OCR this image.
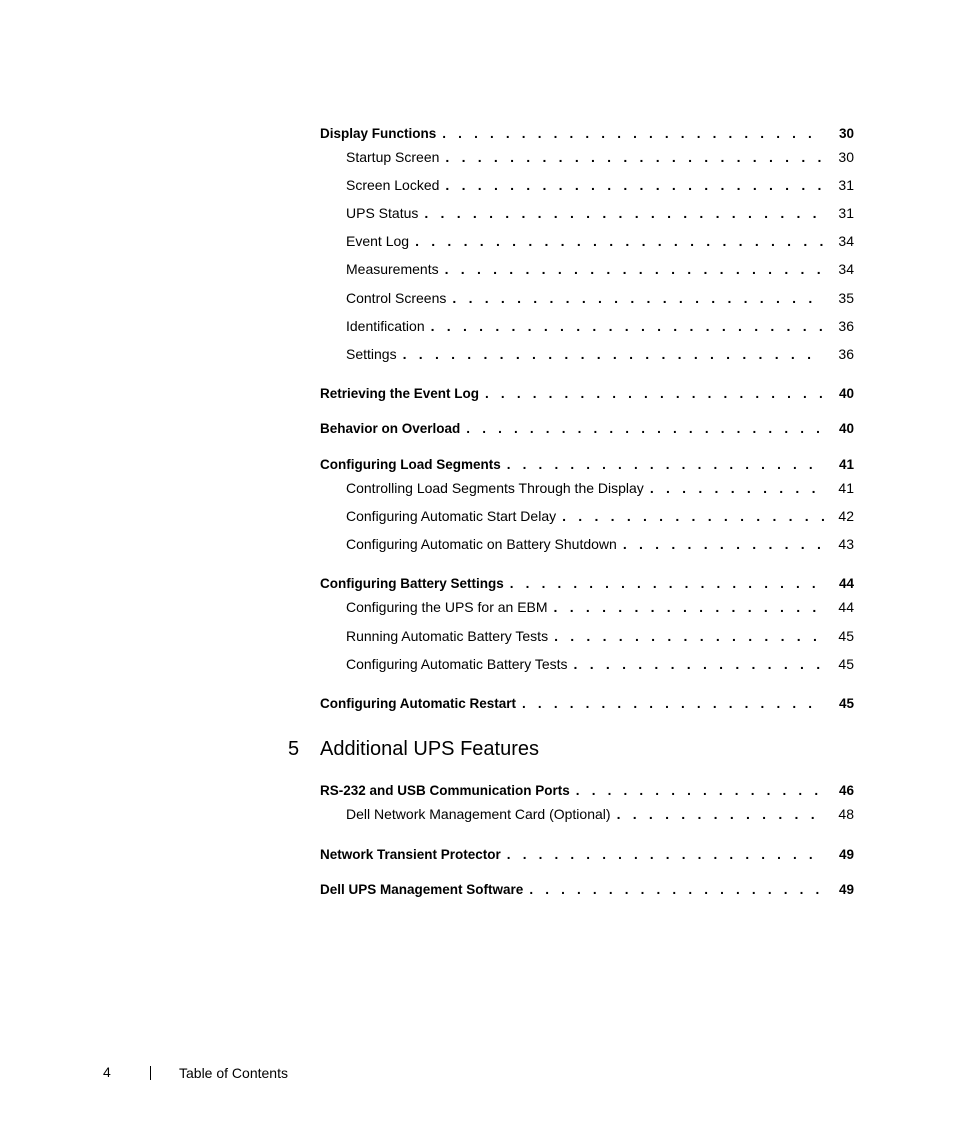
Display Functions . . .	30
Startup Screen . . .	30
Screen Locked . . .	31
UPS Status . . .	31
Event Log . . .	34
Measurements . . .	34
Control Screens . . .	35
Identification . . .	36
Settings . . .	36
Retrieving the Event Log . . .	40
Behavior on Overload . . .	40
Configuring Load Segments . . .	41
Controlling Load Segments Through the Display . . .	41
Configuring Automatic Start Delay . . .	42
Configuring Automatic on Battery Shutdown . . .	43
Configuring Battery Settings . . .	44
Configuring the UPS for an EBM . . .	44
Running Automatic Battery Tests . . .	45
Configuring Automatic Battery Tests . . .	45
Configuring Automatic Restart . . .	45
5 Additional UPS Features
RS-232 and USB Communication Ports . . .	46
Dell Network Management Card (Optional) . . .	48
Network Transient Protector . . .	49
Dell UPS Management Software . . .	49
4	Table of Contents
